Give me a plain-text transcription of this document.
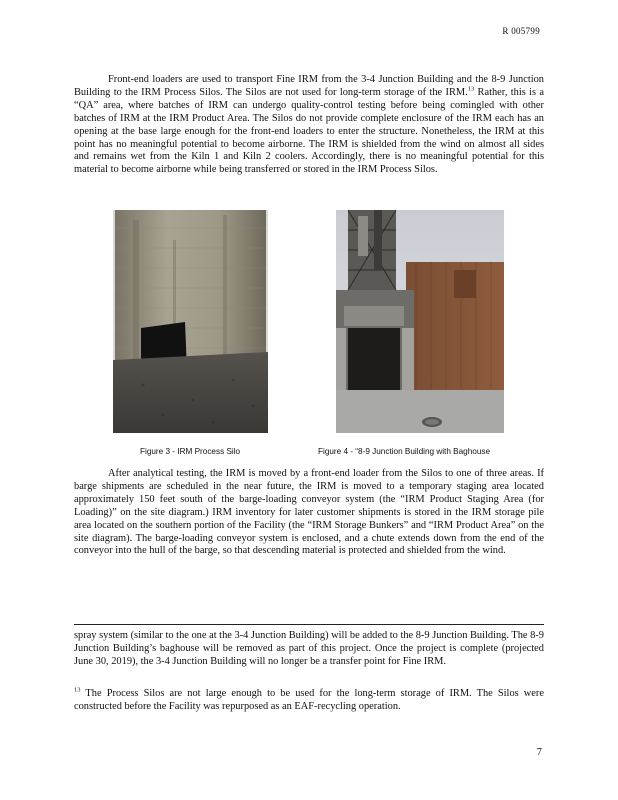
R 005799

Front-end loaders are used to transport Fine IRM from the 3-4 Junction Building and the 8-9 Junction Building to the IRM Process Silos. The Silos are not used for long-term storage of the IRM.$^{13}$ Rather, this is a “QA” area, where batches of IRM can undergo quality-control testing before being comingled with other batches of IRM at the IRM Product Area. The Silos do not provide complete enclosure of the IRM each has an opening at the base large enough for the front-end loaders to enter the structure. Nonetheless, the IRM at this point has no meaningful potential to become airborne. The IRM is shielded from the wind on almost all sides and remains wet from the Kiln 1 and Kiln 2 coolers. Accordingly, there is no meaningful potential for this material to become airborne while being transferred or stored in the IRM Process Silos.

Figure 3 - IRM Process Silo	Figure 4 - “8-9 Junction Building with Baghouse

After analytical testing, the IRM is moved by a front-end loader from the Silos to one of three areas. If barge shipments are scheduled in the near future, the IRM is moved to a temporary staging area located approximately 150 feet south of the barge-loading conveyor system (the “IRM Product Staging Area (for Loading)” on the site diagram.) IRM inventory for later customer shipments is stored in the IRM storage pile area located on the southern portion of the Facility (the “IRM Storage Bunkers” and “IRM Product Area” on the site diagram). The barge-loading conveyor system is enclosed, and a chute extends down from the end of the conveyor into the hull of the barge, so that descending material is protected and shielded from the wind.

spray system (similar to the one at the 3-4 Junction Building) will be added to the 8-9 Junction Building. The 8-9 Junction Building’s baghouse will be removed as part of this project. Once the project is complete (projected June 30, 2019), the 3-4 Junction Building will no longer be a transfer point for Fine IRM.

$^{13}$ The Process Silos are not large enough to be used for the long-term storage of IRM. The Silos were constructed before the Facility was repurposed as an EAF-recycling operation.

7
